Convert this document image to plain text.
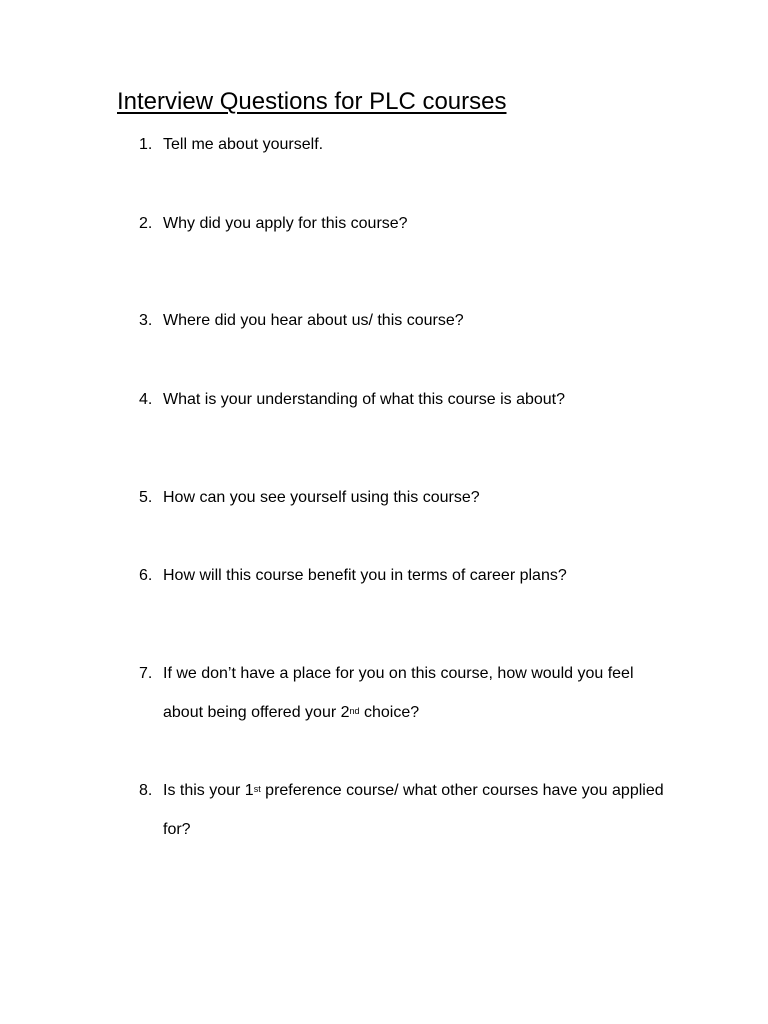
Interview Questions for PLC courses
1. Tell me about yourself.
2. Why did you apply for this course?
3. Where did you hear about us/ this course?
4. What is your understanding of what this course is about?
5. How can you see yourself using this course?
6. How will this course benefit you in terms of career plans?
7. If we don’t have a place for you on this course, how would you feel
about being offered your 2nd choice?
8. Is this your 1st preference course/ what other courses have you applied
for?
